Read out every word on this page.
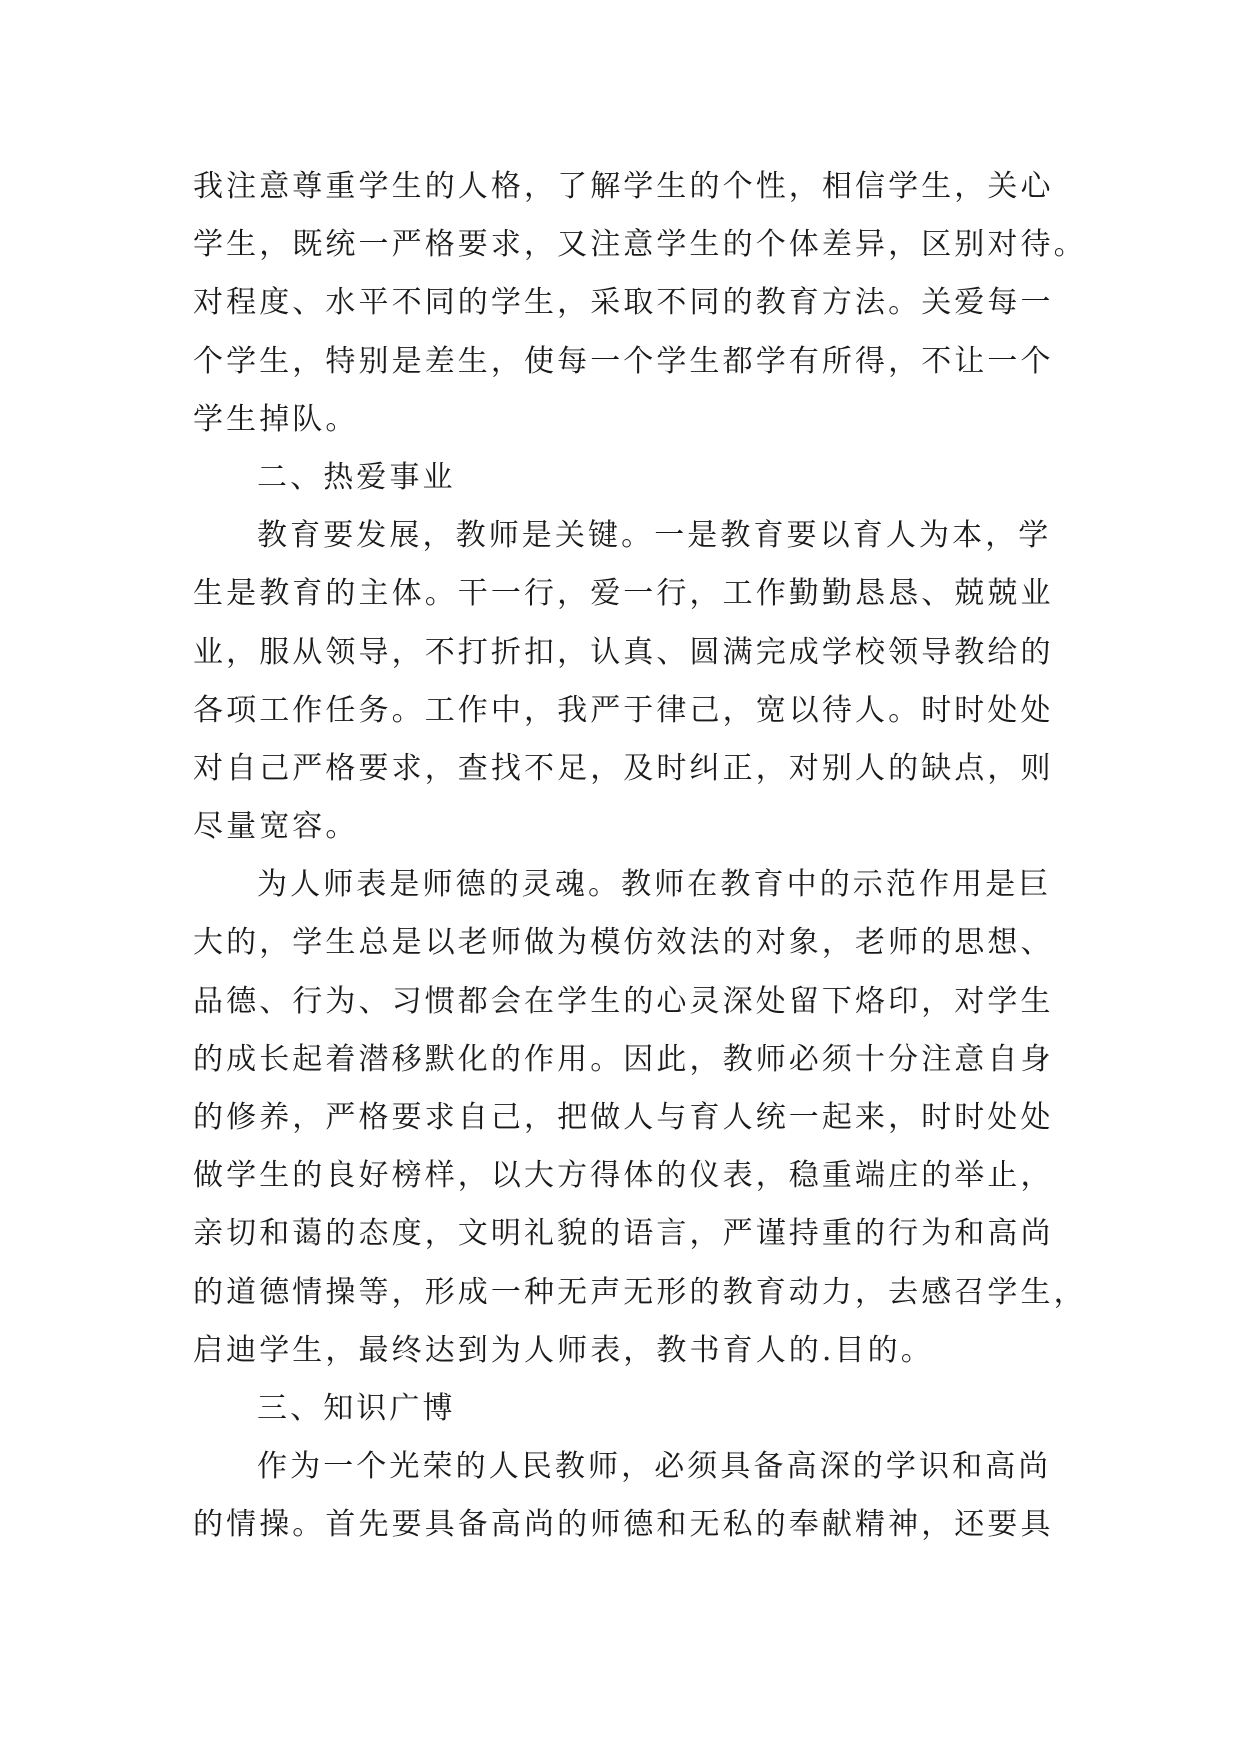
我注意尊重学生的人格，了解学生的个性，相信学生，关心
学生，既统一严格要求，又注意学生的个体差异，区别对待。
对程度、水平不同的学生，采取不同的教育方法。关爱每一
个学生，特别是差生，使每一个学生都学有所得，不让一个
学生掉队。
二、热爱事业
教育要发展，教师是关键。一是教育要以育人为本，学
生是教育的主体。干一行，爱一行，工作勤勤恳恳、兢兢业
业，服从领导，不打折扣，认真、圆满完成学校领导教给的
各项工作任务。工作中，我严于律己，宽以待人。时时处处
对自己严格要求，查找不足，及时纠正，对别人的缺点，则
尽量宽容。
为人师表是师德的灵魂。教师在教育中的示范作用是巨
大的，学生总是以老师做为模仿效法的对象，老师的思想、
品德、行为、习惯都会在学生的心灵深处留下烙印，对学生
的成长起着潜移默化的作用。因此，教师必须十分注意自身
的修养，严格要求自己，把做人与育人统一起来，时时处处
做学生的良好榜样，以大方得体的仪表，稳重端庄的举止，
亲切和蔼的态度，文明礼貌的语言，严谨持重的行为和高尚
的道德情操等，形成一种无声无形的教育动力，去感召学生，
启迪学生，最终达到为人师表，教书育人的.目的。
三、知识广博
作为一个光荣的人民教师，必须具备高深的学识和高尚
的情操。首先要具备高尚的师德和无私的奉献精神，还要具
